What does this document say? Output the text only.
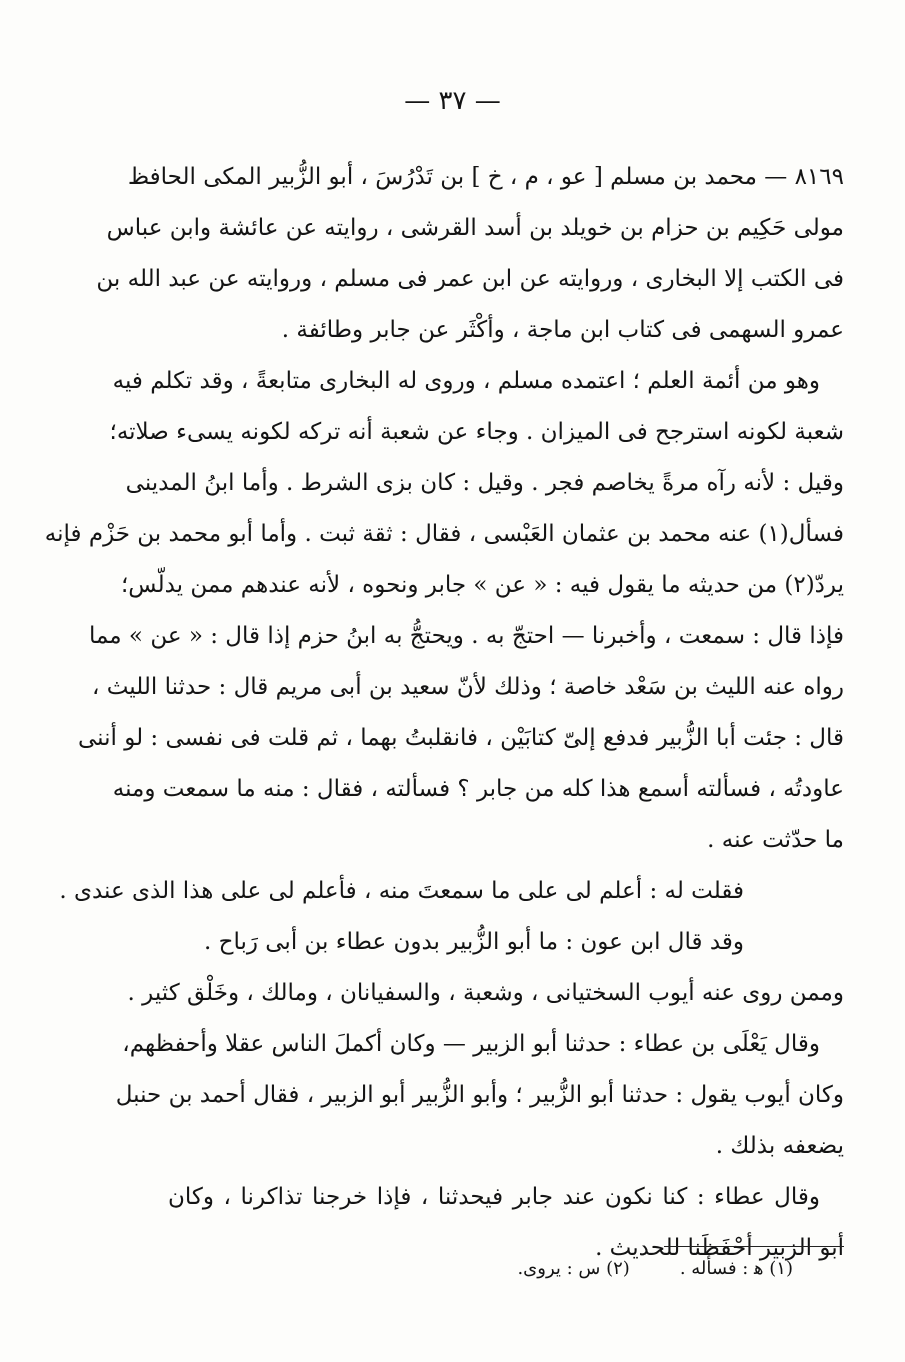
— ٣٧ —
٨١٦٩ — محمد بن مسلم [ عو ، م ، خ ] بن تَدْرُسَ ، أبو الزُّبير المكى الحافظ
مولى حَكِيم بن حزام بن خويلد بن أسد القرشى ، روايته عن عائشة وابن عباس
فى الكتب إلا البخارى ، وروايته عن ابن عمر فى مسلم ، وروايته عن عبد الله بن
عمرو السهمى فى كتاب ابن ماجة ، وأكْثَر عن جابر وطائفة .
وهو من أئمة العلم ؛ اعتمده مسلم ، وروى له البخارى متابعةً ، وقد تكلم فيه
شعبة لكونه استرجح فى الميزان . وجاء عن شعبة أنه تركه لكونه يسىء صلاته؛
وقيل : لأنه رآه مرةً يخاصم فجر . وقيل : كان بزى الشرط . وأما ابنُ المدينى
فسأل(١) عنه محمد بن عثمان العَبْسى ، فقال : ثقة ثبت . وأما أبو محمد بن حَزْم فإنه
يردّ(٢) من حديثه ما يقول فيه : « عن » جابر ونحوه ، لأنه عندهم ممن يدلّس؛
فإذا قال : سمعت ، وأخبرنا — احتجّ به . ويحتجُّ به ابنُ حزم إذا قال : « عن » مما
رواه عنه الليث بن سَعْد خاصة ؛ وذلك لأنّ سعيد بن أبى مريم قال : حدثنا الليث ،
قال : جئت أبا الزُّبير فدفع إلىّ كتابَيْن ، فانقلبتُ بهما ، ثم قلت فى نفسى : لو أننى
عاودتُه ، فسألته أسمع هذا كله من جابر ؟ فسألته ، فقال : منه ما سمعت ومنه
ما حدّثت عنه .
فقلت له : أعلم لى على ما سمعتَ منه ، فأعلم لى على هذا الذى عندى .
وقد قال ابن عون : ما أبو الزُّبير بدون عطاء بن أبى رَباح .
وممن روى عنه أيوب السختيانى ، وشعبة ، والسفيانان ، ومالك ، وخَلْق كثير .
وقال يَعْلَى بن عطاء : حدثنا أبو الزبير — وكان أكملَ الناس عقلا وأحفظهم،
وكان أيوب يقول : حدثنا أبو الزُّبير ؛ وأبو الزُّبير أبو الزبير ، فقال أحمد بن حنبل
يضعفه بذلك .
وقال عطاء : كنا نكون عند جابر فيحدثنا ، فإذا خرجنا تذاكرنا ، وكان
أبو الزبير أحْفَظَنا للحديث .
(١) ﻫ : فسأله .(٢) س : يروى.
